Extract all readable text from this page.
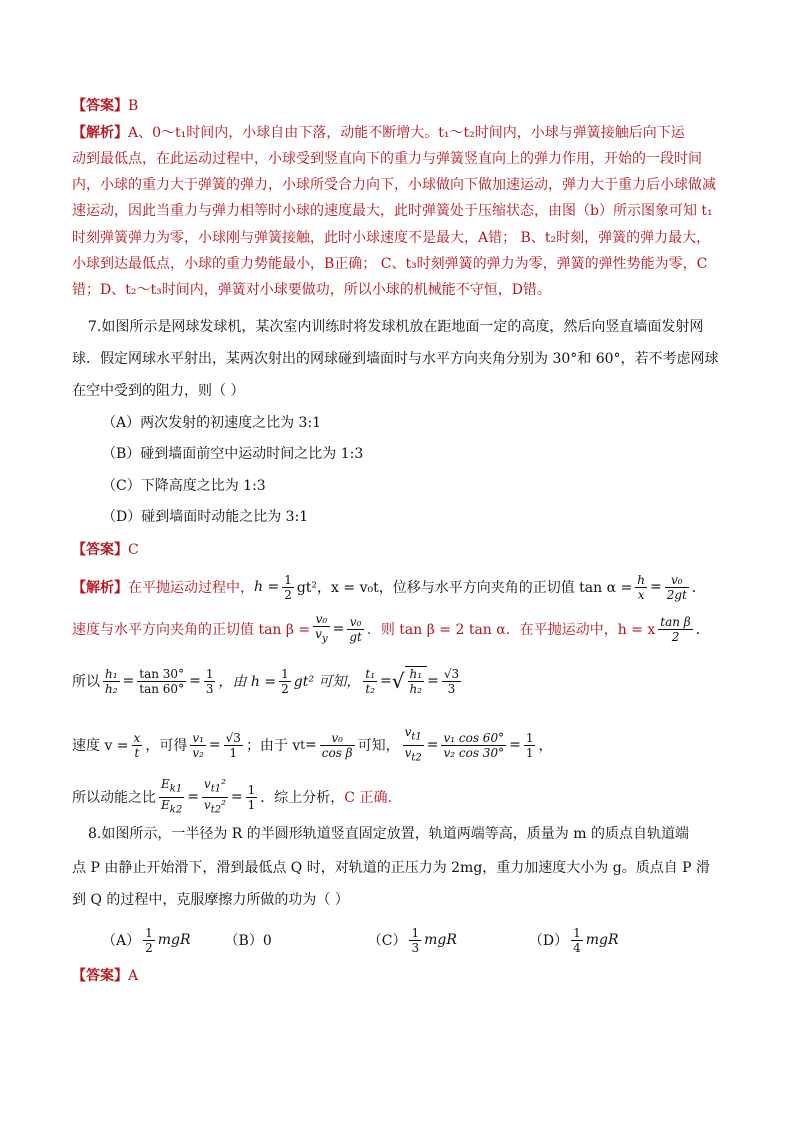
【答案】B
【解析】A、0～t₁时间内，小球自由下落，动能不断增大。t₁～t₂时间内，小球与弹簧接触后向下运
动到最低点，在此运动过程中，小球受到竖直向下的重力与弹簧竖直向上的弹力作用，开始的一段时间
内，小球的重力大于弹簧的弹力，小球所受合力向下，小球做向下做加速运动，弹力大于重力后小球做减
速运动，因此当重力与弹力相等时小球的速度最大，此时弹簧处于压缩状态，由图（b）所示图象可知 t₁
时刻弹簧弹力为零，小球刚与弹簧接触，此时小球速度不是最大，A错； B、t₂时刻，弹簧的弹力最大，
小球到达最低点，小球的重力势能最小，B正确； C、t₃时刻弹簧的弹力为零，弹簧的弹性势能为零，C
错；D、t₂～t₃时间内，弹簧对小球要做功，所以小球的机械能不守恒，D错。
7.如图所示是网球发球机，某次室内训练时将发球机放在距地面一定的高度，然后向竖直墙面发射网
球．假定网球水平射出，某两次射出的网球碰到墙面时与水平方向夹角分别为 30°和 60°，若不考虑网球
在空中受到的阻力，则（ ）
（A）两次发射的初速度之比为 3:1
（B）碰到墙面前空中运动时间之比为 1:3
（C）下降高度之比为 1:3
（D）碰到墙面时动能之比为 3:1
【答案】C
【解析】 在平抛运动过程中， $h = \frac{1}{2} gt^2$，x = v₀t，位移与水平方向夹角的正切值 $\tan \alpha = \frac{h}{x} = \frac{\text{v₀}}{2gt}$ ．
速度与水平方向夹角的正切值 $\tan \beta = \frac{\text{v₀}}{v_y} = \frac{\text{v₀}}{gt}$ ．则 tan β = 2 tan α．在平抛运动中，h = x $\frac{\text{tan β}}{2}$ ．
所以 $\frac{\text{h₁}}{\text{h₂}} = \frac{\tan 30^\circ}{\tan 60^\circ} = \frac{1}{3}$ ，由 $h = \frac{1}{2} gt^2$ 可知， $\frac{\text{t₁}}{\text{t₂}}$ = √ $\frac{\text{h₁}}{\text{h₂}} = \frac{√3}{3}$
速度 $v = \frac{x}{t}$ ，可得 $\frac{\text{v₁}}{\text{v₂}} = \frac{√3}{1}$ ；由于 v $t = \frac{\text{v₀}}{\text{cos β}}$ 可知， $\frac{v_{t1}}{v_{t2}} = \frac{\text{v₁ cos 60°}}{\text{v₂ cos 30°}} = \frac{1}{1}$ ，
所以动能之比 $\frac{E_{k1}}{E_{k2}} = \frac{v_{t1}^2}{v_{t2}^2} = \frac{1}{1}$ ．综上分析， C 正确．
8.如图所示，一半径为 R 的半圆形轨道竖直固定放置，轨道两端等高，质量为 m 的质点自轨道端
点 P 由静止开始滑下，滑到最低点 Q 时，对轨道的正压力为 2mg，重力加速度大小为 g。质点自 P 滑
到 Q 的过程中，克服摩擦力所做的功为（ ）
$(A) \frac{1}{2}$ mgR （B）0	$(C) \frac{1}{3}$ mgR	$(D) \frac{1}{4}$ mgR
【答案】A
